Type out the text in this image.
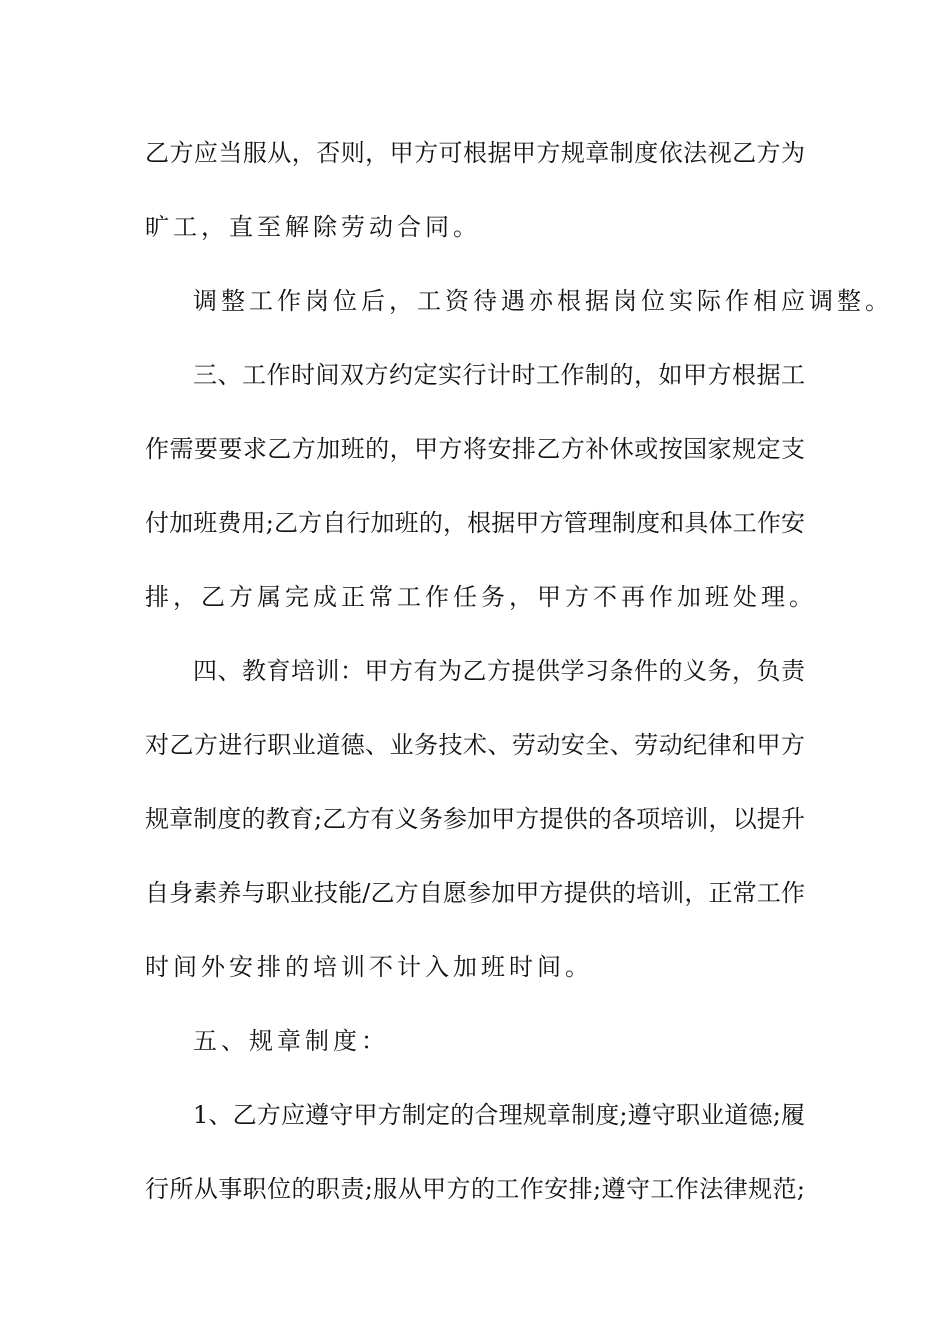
乙方应当服从，否则，甲方可根据甲方规章制度依法视乙方为
旷工，直至解除劳动合同。
调整工作岗位后，工资待遇亦根据岗位实际作相应调整。
三、工作时间双方约定实行计时工作制的，如甲方根据工
作需要要求乙方加班的，甲方将安排乙方补休或按国家规定支
付加班费用;乙方自行加班的，根据甲方管理制度和具体工作安
排，乙方属完成正常工作任务，甲方不再作加班处理。
四、教育培训：甲方有为乙方提供学习条件的义务，负责
对乙方进行职业道德、业务技术、劳动安全、劳动纪律和甲方
规章制度的教育;乙方有义务参加甲方提供的各项培训，以提升
自身素养与职业技能/乙方自愿参加甲方提供的培训，正常工作
时间外安排的培训不计入加班时间。
五、规章制度：
1、乙方应遵守甲方制定的合理规章制度;遵守职业道德;履
行所从事职位的职责;服从甲方的工作安排;遵守工作法律规范;
